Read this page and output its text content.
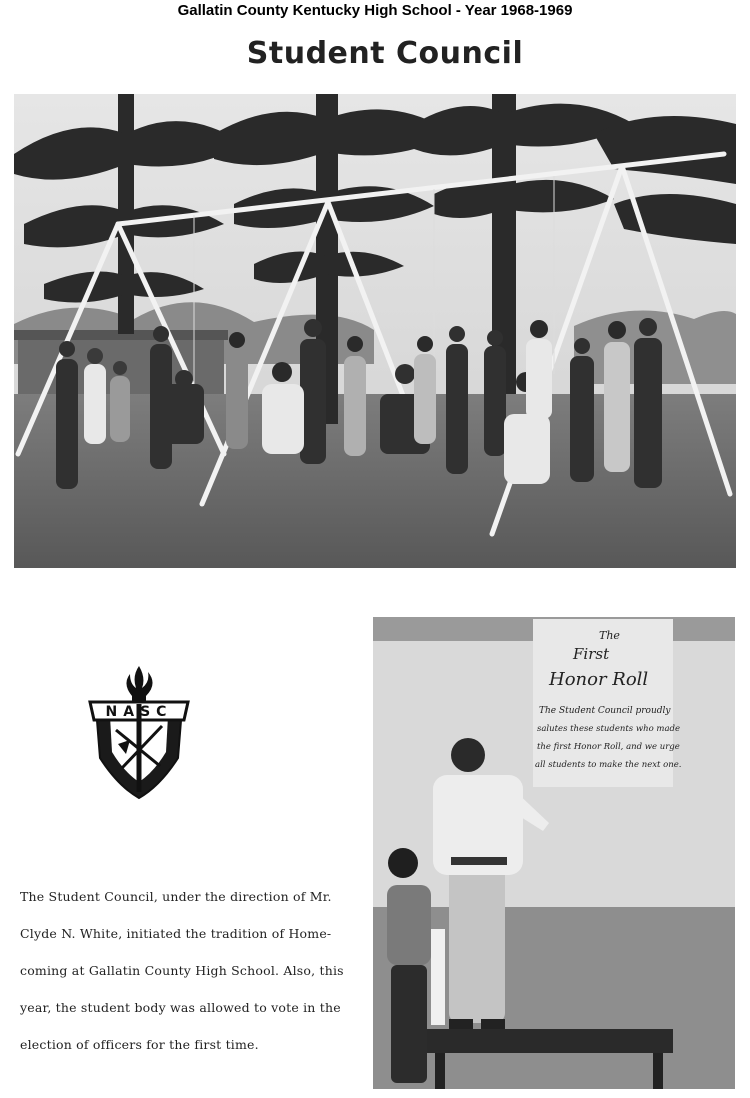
Gallatin County Kentucky High School - Year 1968-1969
Student Council
NASC

The Student Council, under the direction of Mr.

Clyde N. White, initiated the tradition of Home-

coming at Gallatin County High School. Also, this

year, the student body was allowed to vote in the

election of officers for the first time.

The
First
Honor Roll
The Student Council proudly
salutes these students who made
the first Honor Roll, and we urge
all students to make the next one.
